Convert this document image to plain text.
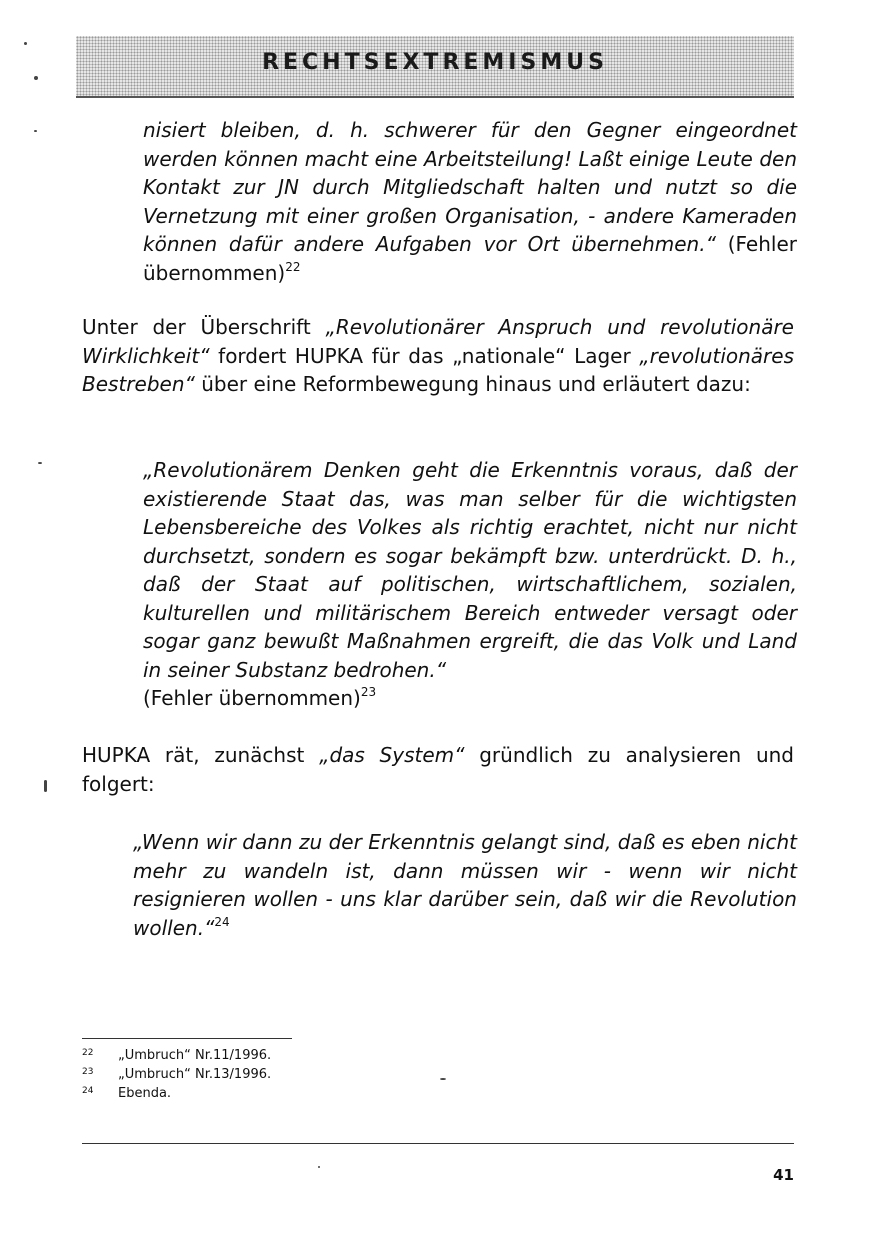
RECHTSEXTREMISMUS
nisiert bleiben, d. h. schwerer für den Gegner eingeordnet werden können macht eine Arbeitsteilung! Laßt einige Leute den Kontakt zur JN durch Mitgliedschaft halten und nutzt so die Vernetzung mit einer großen Organisation, - andere Kameraden können dafür andere Aufgaben vor Ort übernehmen.“ (Fehler übernommen)$^{22}$
Unter der Überschrift „Revolutionärer Anspruch und revolutionäre Wirklichkeit“ fordert HUPKA für das „nationale“ Lager „revolutionäres Bestreben“ über eine Reformbewegung hinaus und erläutert dazu:
„Revolutionärem Denken geht die Erkenntnis voraus, daß der existierende Staat das, was man selber für die wichtigsten Lebensbereiche des Volkes als richtig erachtet, nicht nur nicht durchsetzt, sondern es sogar bekämpft bzw. unterdrückt. D. h., daß der Staat auf politischen, wirtschaftlichem, sozialen, kulturellen und militärischem Bereich entweder versagt oder sogar ganz bewußt Maßnahmen ergreift, die das Volk und Land in seiner Substanz bedrohen.“
(Fehler übernommen)$^{23}$
HUPKA rät, zunächst „das System“ gründlich zu analysieren und folgert:
„Wenn wir dann zu der Erkenntnis gelangt sind, daß es eben nicht mehr zu wandeln ist, dann müssen wir - wenn wir nicht resignieren wollen - uns klar darüber sein, daß wir die Revolution wollen.“$^{24}$
22	„Umbruch“ Nr.11/1996.
23	„Umbruch“ Nr.13/1996.
24	Ebenda.
41
